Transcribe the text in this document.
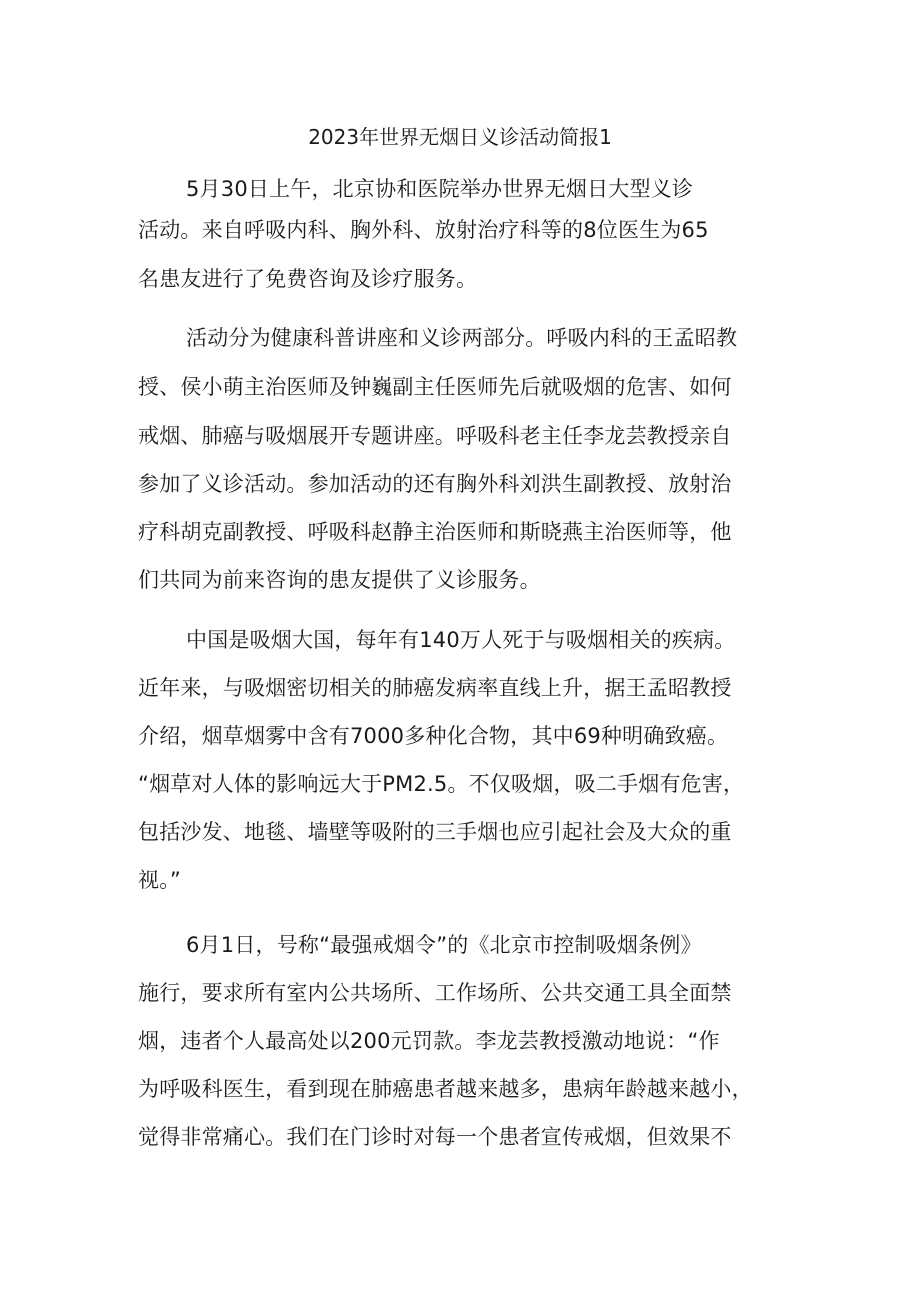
2023年世界无烟日义诊活动简报1
5月30日上午，北京协和医院举办世界无烟日大型义诊
活动。来自呼吸内科、胸外科、放射治疗科等的8位医生为65
名患友进行了免费咨询及诊疗服务。
活动分为健康科普讲座和义诊两部分。呼吸内科的王孟昭教
授、侯小萌主治医师及钟巍副主任医师先后就吸烟的危害、如何
戒烟、肺癌与吸烟展开专题讲座。呼吸科老主任李龙芸教授亲自
参加了义诊活动。参加活动的还有胸外科刘洪生副教授、放射治
疗科胡克副教授、呼吸科赵静主治医师和斯晓燕主治医师等，他
们共同为前来咨询的患友提供了义诊服务。
中国是吸烟大国，每年有140万人死于与吸烟相关的疾病。
近年来，与吸烟密切相关的肺癌发病率直线上升，据王孟昭教授
介绍，烟草烟雾中含有7000多种化合物，其中69种明确致癌。
“烟草对人体的影响远大于PM2.5。不仅吸烟，吸二手烟有危害，
包括沙发、地毯、墙壁等吸附的三手烟也应引起社会及大众的重
视。”
6月1日，号称“最强戒烟令”的《北京市控制吸烟条例》
施行，要求所有室内公共场所、工作场所、公共交通工具全面禁
烟，违者个人最高处以200元罚款。李龙芸教授激动地说：“作
为呼吸科医生，看到现在肺癌患者越来越多，患病年龄越来越小，
觉得非常痛心。我们在门诊时对每一个患者宣传戒烟，但效果不
